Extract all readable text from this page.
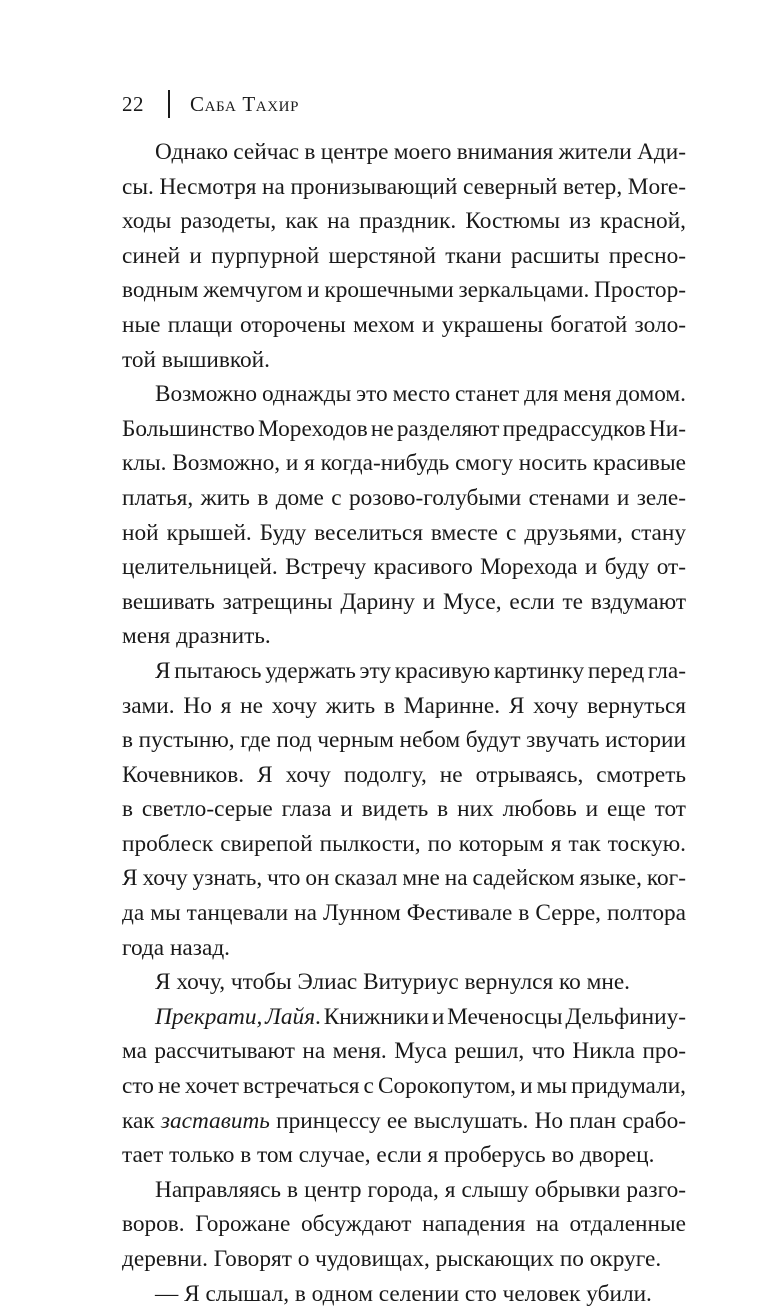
22 Саба Тахир
Однако сейчас в центре моего внимания жители Ади-
сы. Несмотря на пронизывающий северный ветер, More-
ходы разодеты, как на праздник. Костюмы из красной,
синей и пурпурной шерстяной ткани расшиты пресно-
водным жемчугом и крошечными зеркальцами. Простор-
ные плащи оторочены мехом и украшены богатой золо-
той вышивкой.
Возможно однажды это место станет для меня домом.
Большинство Мореходов не разделяют предрассудков Ни-
клы. Возможно, и я когда-нибудь смогу носить красивые
платья, жить в доме с розово-голубыми стенами и зеле-
ной крышей. Буду веселиться вместе с друзьями, стану
целительницей. Встречу красивого Морехода и буду от-
вешивать затрещины Дарину и Мусе, если те вздумают
меня дразнить.
Я пытаюсь удержать эту красивую картинку перед гла-
зами. Но я не хочу жить в Маринне. Я хочу вернуться
в пустыню, где под черным небом будут звучать истории
Кочевников. Я хочу подолгу, не отрываясь, смотреть
в светло-серые глаза и видеть в них любовь и еще тот
проблеск свирепой пылкости, по которым я так тоскую.
Я хочу узнать, что он сказал мне на садейском языке, ког-
да мы танцевали на Лунном Фестивале в Серре, полтора
года назад.
Я хочу, чтобы Элиас Витуриус вернулся ко мне.
Прекрати, Лайя. Книжники и Меченосцы Дельфиниу-
ма рассчитывают на меня. Муса решил, что Никла про-
сто не хочет встречаться с Сорокопутом, и мы придумали,
как заставить принцессу ее выслушать. Но план срабо-
тает только в том случае, если я проберусь во дворец.
Направляясь в центр города, я слышу обрывки разго-
воров. Горожане обсуждают нападения на отдаленные
деревни. Говорят о чудовищах, рыскающих по округе.
— Я слышал, в одном селении сто человек убили.
